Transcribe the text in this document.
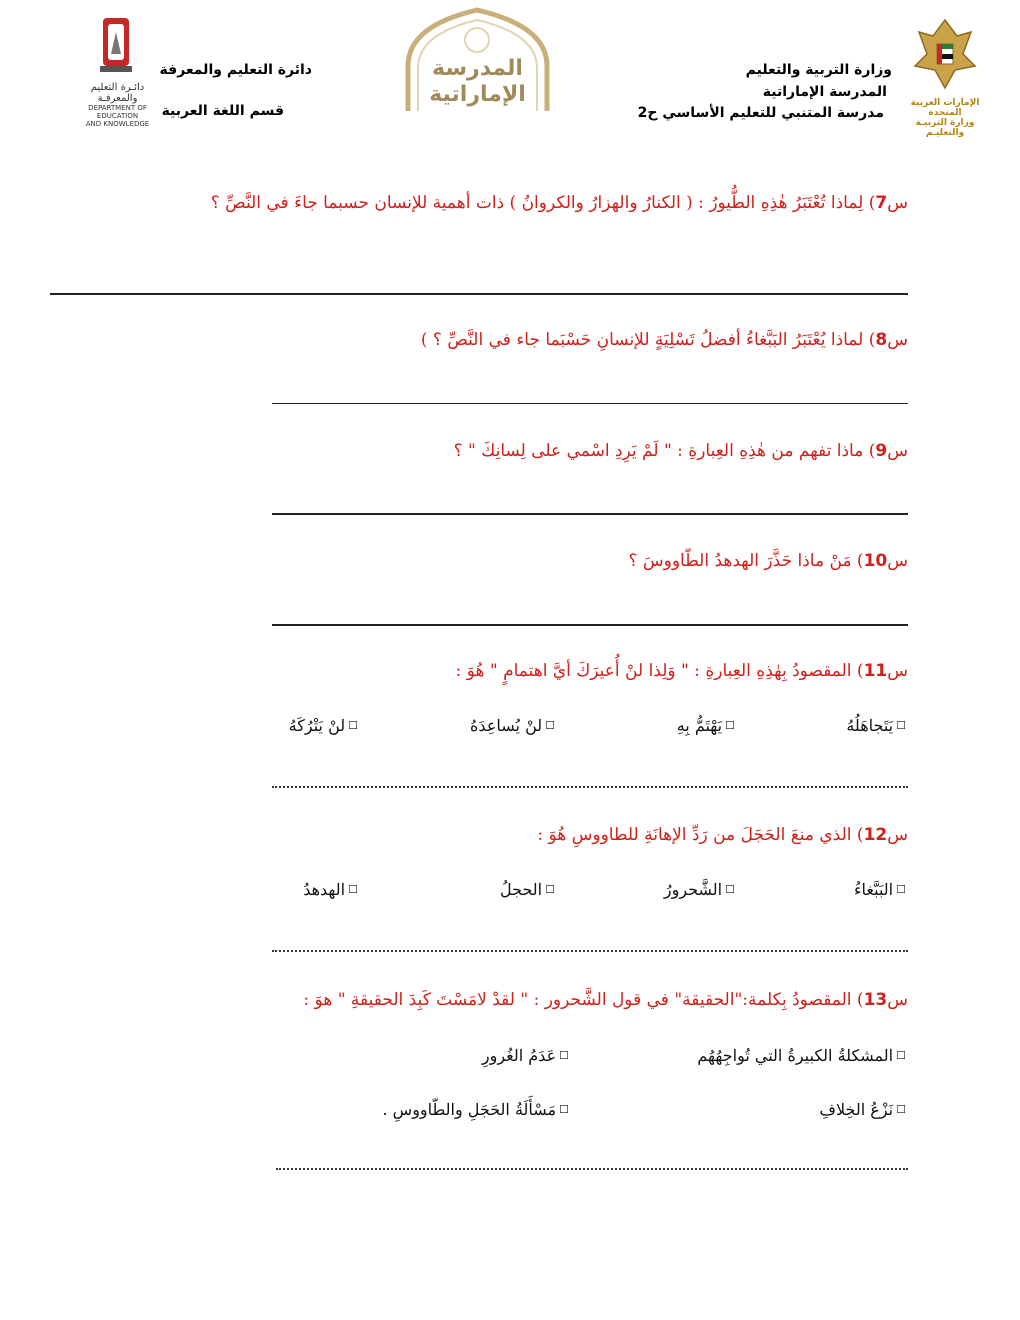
الإمارات العربية المتحدة
وزارة التربيـة والتعليـم
وزارة التربية والتعليم
المدرسة الإماراتية
مدرسة المتنبي للتعليم الأساسي ح2
المدرسة
الإماراتية
دائرة التعليم والمعرفة
قسم اللغة العربية
دائـرة التعليم والمعرفـة
DEPARTMENT OF EDUCATION
AND KNOWLEDGE
س7) لِماذا تُعْتَبَرُ هٰذِهِ الطُّيورُ : ( الكنارُ والهزارُ والكروانُ ) ذات أهمية للإنسان حسبما جاءَ في النَّصِّ ؟
س8) لماذا يُعْتَبَرُ البَبَّغاءُ أفضلُ تَسْلِيَةٍ للإنسانِ حَسْبَما جاء في النَّصِّ ؟ )
س9) ماذا تفهم من هٰذِهِ العِبارةِ : " لَمْ يَرِدِ اسْمي على لِسانِكَ " ؟
س10) مَنْ ماذا حَذَّرَ الهدهدُ الطّاووسَ ؟
س11) المقصودُ بِهٰذِهِ العِبارةِ : " وَلِذا لنْ أُعيرَكَ أيَّ اهتمامٍ " هُوَ :
☐يَتَجاهَلُهُ
☐يَهْتَمُّ بِهِ
☐لنْ يُساعِدَهُ
☐لنْ يَتْرُكَهُ
س12) الذي منعَ الحَجَلَ من رَدِّ الإهانَةِ للطاووسِ هُوَ :
☐البَبَّغاءُ
☐الشَّحرورُ
☐الحجلُ
☐الهدهدُ
س13) المقصودُ بِكلمة:"الحقيقة" في قول الشَّحرور : " لقدْ لامَسْتَ كَبِدَ الحقيقةِ " هوَ :
☐المشكلةُ الكبيرةُ التي تُواجِهُهُم
☐عَدَمُ الغُرورِ
☐نَزْعُ الخِلافِ
☐مَسْأَلَةُ الحَجَلِ والطّاووسِ .
